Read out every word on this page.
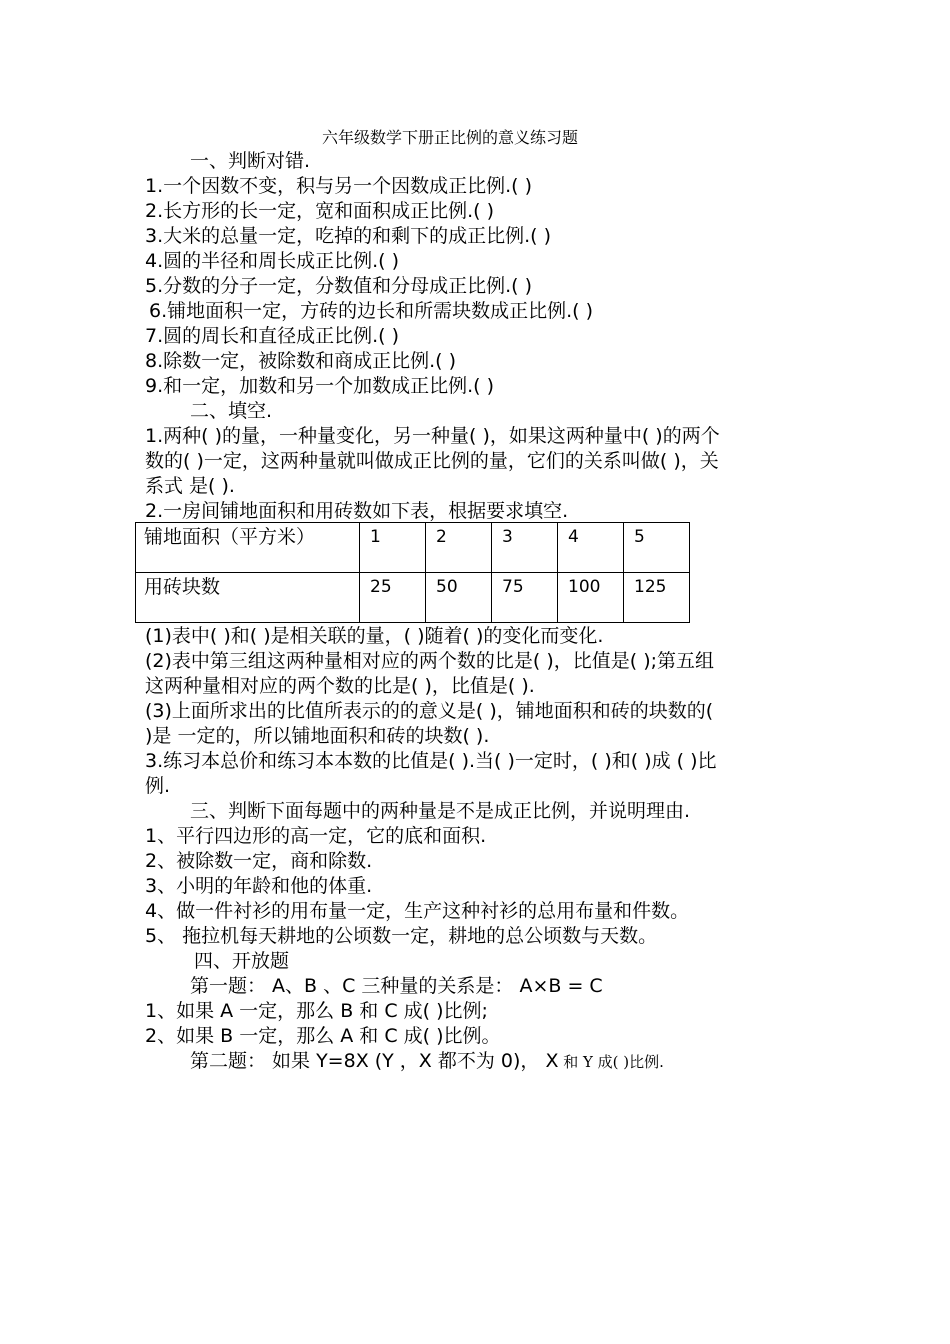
六年级数学下册正比例的意义练习题
一、判断对错.
1.一个因数不变，积与另一个因数成正比例.( )
2.长方形的长一定，宽和面积成正比例.( )
3.大米的总量一定，吃掉的和剩下的成正比例.( )
4.圆的半径和周长成正比例.( )
5.分数的分子一定，分数值和分母成正比例.( )
6.铺地面积一定，方砖的边长和所需块数成正比例.( )
7.圆的周长和直径成正比例.( )
8.除数一定，被除数和商成正比例.( )
9.和一定，加数和另一个加数成正比例.( )
二、填空.
1.两种( )的量，一种量变化，另一种量( )，如果这两种量中( )的两个
数的( )一定，这两种量就叫做成正比例的量，它们的关系叫做( )，关
系式 是( ).
2.一房间铺地面积和用砖数如下表，根据要求填空.
铺地面积（平方米）	1	2	3	4	5
用砖块数	25	50	75	100	125
(1)表中( )和( )是相关联的量，( )随着( )的变化而变化.
(2)表中第三组这两种量相对应的两个数的比是( )，比值是( );第五组
这两种量相对应的两个数的比是( )，比值是( ).
(3)上面所求出的比值所表示的的意义是( )，铺地面积和砖的块数的(
)是 一定的，所以铺地面积和砖的块数( ).
3.练习本总价和练习本本数的比值是( ).当( )一定时，( )和( )成 ( )比
例.
三、判断下面每题中的两种量是不是成正比例，并说明理由.
1、平行四边形的高一定，它的底和面积.
2、被除数一定，商和除数.
3、小明的年龄和他的体重.
4、做一件衬衫的用布量一定，生产这种衬衫的总用布量和件数。
5、 拖拉机每天耕地的公顷数一定，耕地的总公顷数与天数。
四、开放题
第一题： A、B 、C 三种量的关系是： A×B = C
1、如果 A 一定，那么 B 和 C 成( )比例;
2、如果 B 一定，那么 A 和 C 成( )比例。
第二题： 如果 Y=8X (Y ，X 都不为 0)， X 和 Y 成( )比例.
